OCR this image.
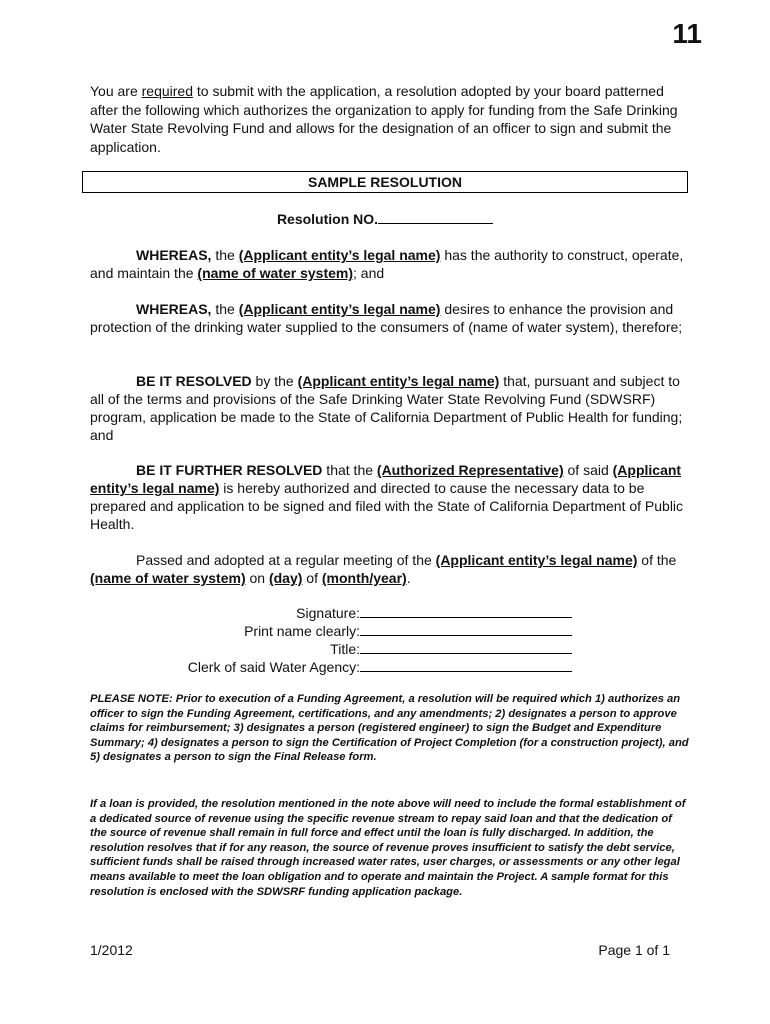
11
You are required to submit with the application, a resolution adopted by your board patterned after the following which authorizes the organization to apply for funding from the Safe Drinking Water State Revolving Fund and allows for the designation of an officer to sign and submit the application.
SAMPLE RESOLUTION
Resolution NO.
WHEREAS, the (Applicant entity’s legal name) has the authority to construct, operate, and maintain the (name of water system); and
WHEREAS, the (Applicant entity’s legal name) desires to enhance the provision and protection of the drinking water supplied to the consumers of (name of water system), therefore;
BE IT RESOLVED by the (Applicant entity’s legal name) that, pursuant and subject to all of the terms and provisions of the Safe Drinking Water State Revolving Fund (SDWSRF) program, application be made to the State of California Department of Public Health for funding; and
BE IT FURTHER RESOLVED that the (Authorized Representative) of said (Applicant entity’s legal name) is hereby authorized and directed to cause the necessary data to be prepared and application to be signed and filed with the State of California Department of Public Health.
Passed and adopted at a regular meeting of the (Applicant entity’s legal name) of the (name of water system) on (day) of (month/year).
Signature:
Print name clearly:
Title:
Clerk of said Water Agency:
PLEASE NOTE: Prior to execution of a Funding Agreement, a resolution will be required which 1) authorizes an officer to sign the Funding Agreement, certifications, and any amendments; 2) designates a person to approve claims for reimbursement; 3) designates a person (registered engineer) to sign the Budget and Expenditure Summary; 4) designates a person to sign the Certification of Project Completion (for a construction project), and 5) designates a person to sign the Final Release form.
If a loan is provided, the resolution mentioned in the note above will need to include the formal establishment of a dedicated source of revenue using the specific revenue stream to repay said loan and that the dedication of the source of revenue shall remain in full force and effect until the loan is fully discharged. In addition, the resolution resolves that if for any reason, the source of revenue proves insufficient to satisfy the debt service, sufficient funds shall be raised through increased water rates, user charges, or assessments or any other legal means available to meet the loan obligation and to operate and maintain the Project. A sample format for this resolution is enclosed with the SDWSRF funding application package.
1/2012	Page 1 of 1
